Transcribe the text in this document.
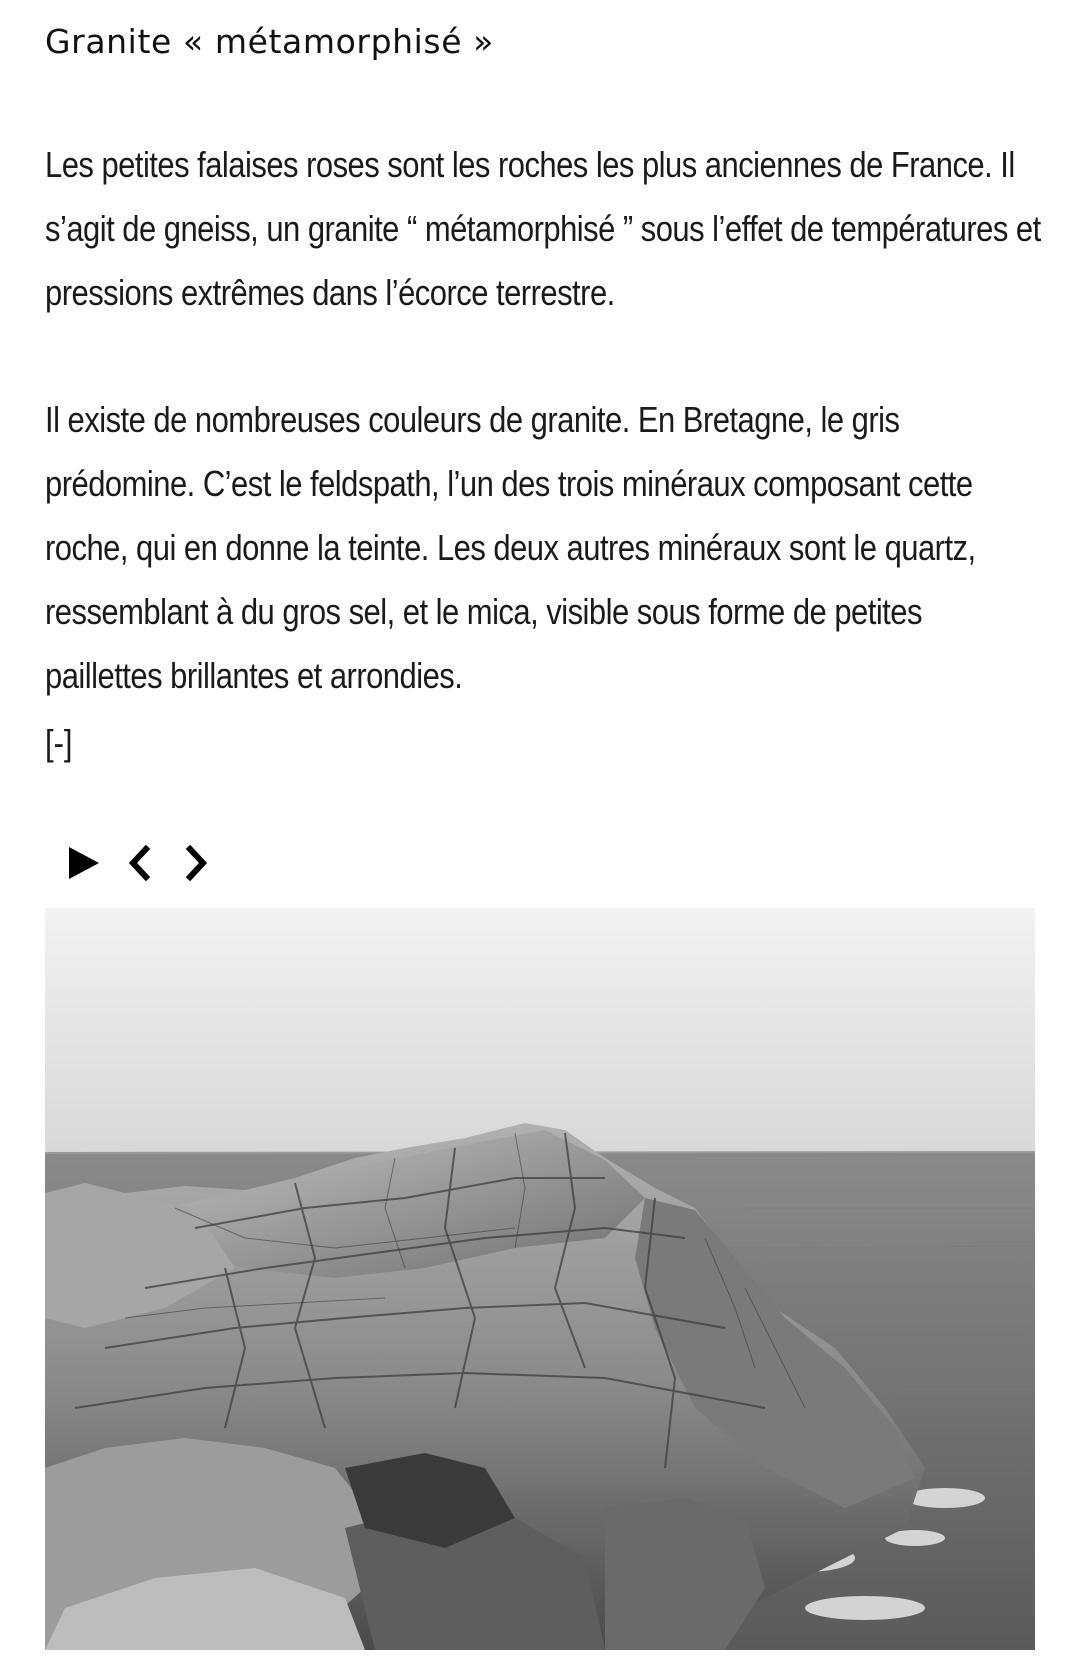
Granite « métamorphisé »

Les petites falaises roses sont les roches les plus anciennes de France. Il s’agit de gneiss, un granite “ métamorphisé ” sous l’effet de températures et pressions extrêmes dans l’écorce terrestre.

Il existe de nombreuses couleurs de granite. En Bretagne, le gris prédomine. C’est le feldspath, l’un des trois minéraux composant cette roche, qui en donne la teinte. Les deux autres minéraux sont le quartz, ressemblant à du gros sel, et le mica, visible sous forme de petites paillettes brillantes et arrondies.

[-]
